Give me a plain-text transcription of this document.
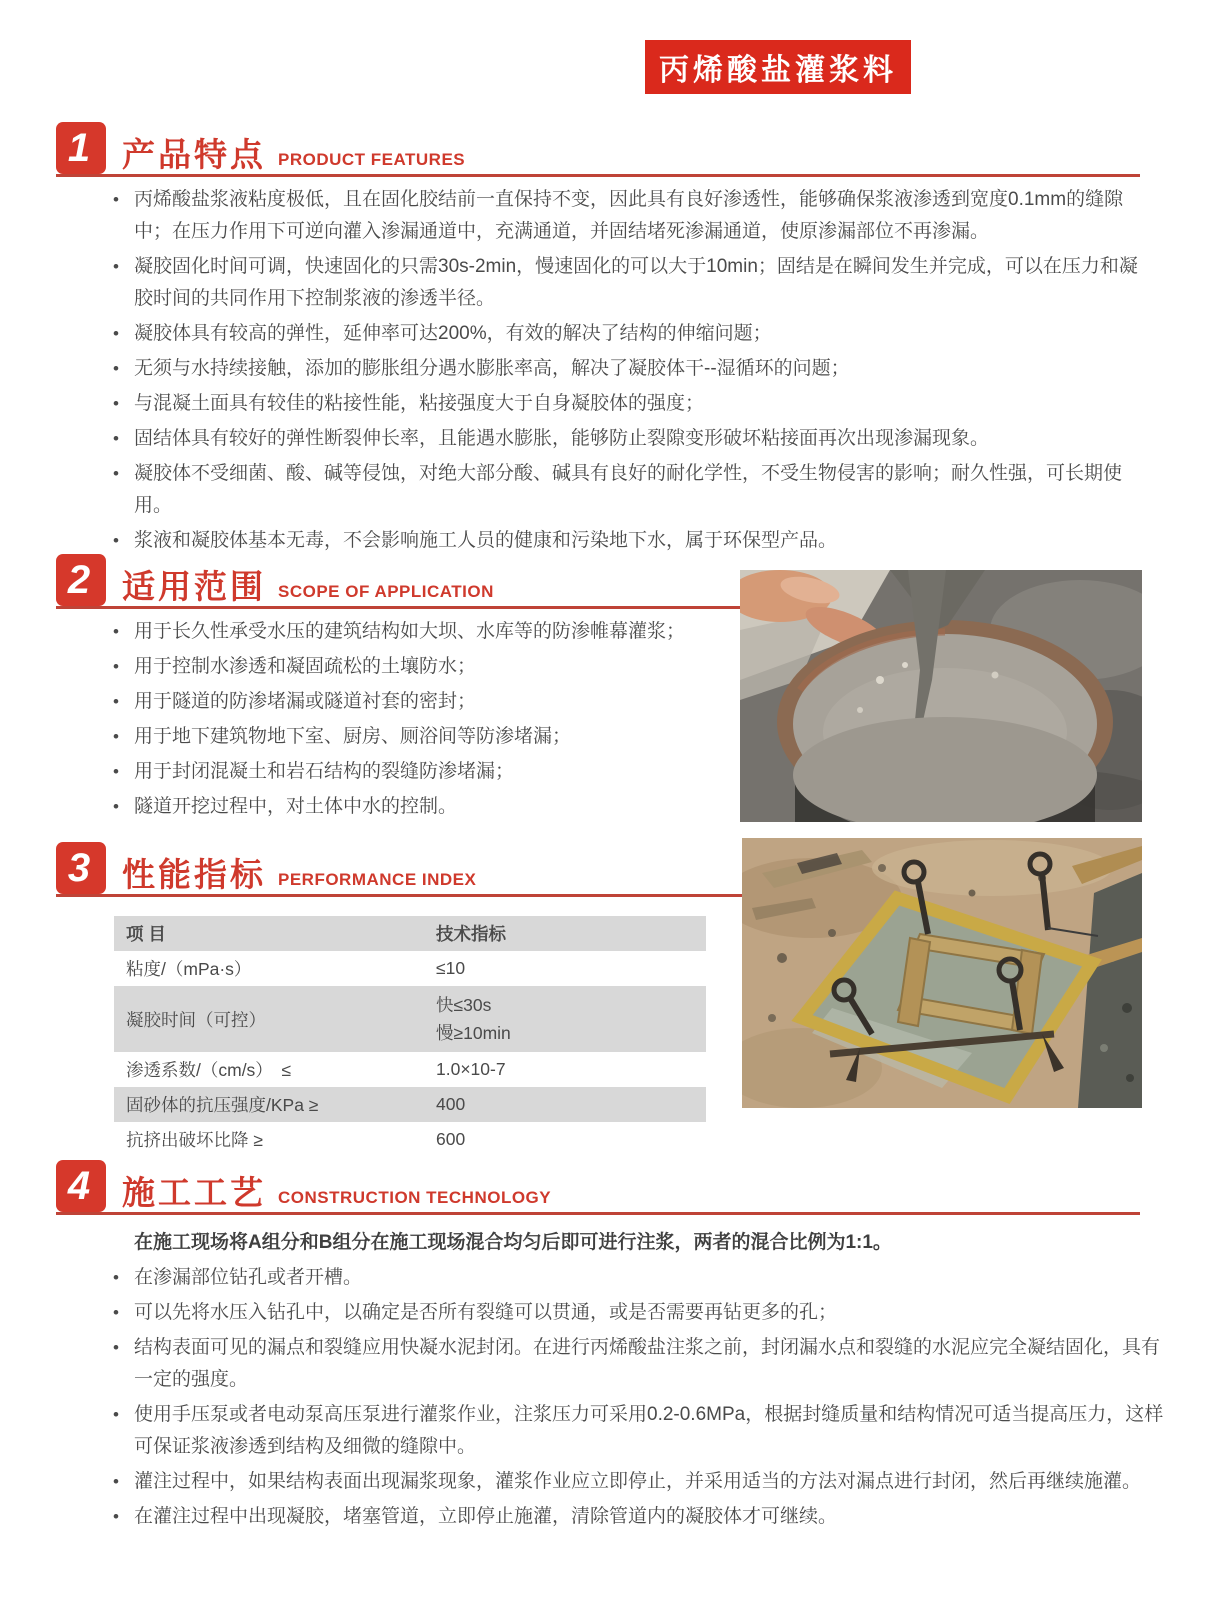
丙烯酸盐灌浆料
1 产品特点 PRODUCT FEATURES
• 丙烯酸盐浆液粘度极低，且在固化胶结前一直保持不变，因此具有良好渗透性，能够确保浆液渗透到宽度0.1mm的缝隙中；在压力作用下可逆向灌入渗漏通道中，充满通道，并固结堵死渗漏通道，使原渗漏部位不再渗漏。
• 凝胶固化时间可调，快速固化的只需30s-2min，慢速固化的可以大于10min；固结是在瞬间发生并完成，可以在压力和凝胶时间的共同作用下控制浆液的渗透半径。
• 凝胶体具有较高的弹性，延伸率可达200%，有效的解决了结构的伸缩问题；
• 无须与水持续接触，添加的膨胀组分遇水膨胀率高，解决了凝胶体干--湿循环的问题；
• 与混凝土面具有较佳的粘接性能，粘接强度大于自身凝胶体的强度；
• 固结体具有较好的弹性断裂伸长率，且能遇水膨胀，能够防止裂隙变形破坏粘接面再次出现渗漏现象。
• 凝胶体不受细菌、酸、碱等侵蚀，对绝大部分酸、碱具有良好的耐化学性，不受生物侵害的影响；耐久性强，可长期使用。
• 浆液和凝胶体基本无毒，不会影响施工人员的健康和污染地下水，属于环保型产品。
2 适用范围 SCOPE OF APPLICATION
• 用于长久性承受水压的建筑结构如大坝、水库等的防渗帷幕灌浆；
• 用于控制水渗透和凝固疏松的土壤防水；
• 用于隧道的防渗堵漏或隧道衬套的密封；
• 用于地下建筑物地下室、厨房、厕浴间等防渗堵漏；
• 用于封闭混凝土和岩石结构的裂缝防渗堵漏；
• 隧道开挖过程中，对土体中水的控制。
3 性能指标 PERFORMANCE INDEX
项 目	技术指标
粘度/（mPa·s）	≤10
凝胶时间（可控）	快≤30s
慢≥10min

渗透系数/（cm/s）　≤	1.0×10-7
固砂体的抗压强度/KPa ≥	400
抗挤出破坏比降 ≥	600
4 施工工艺 CONSTRUCTION TECHNOLOGY
在施工现场将A组分和B组分在施工现场混合均匀后即可进行注浆，两者的混合比例为1:1。
• 在渗漏部位钻孔或者开槽。
• 可以先将水压入钻孔中，以确定是否所有裂缝可以贯通，或是否需要再钻更多的孔；
• 结构表面可见的漏点和裂缝应用快凝水泥封闭。在进行丙烯酸盐注浆之前，封闭漏水点和裂缝的水泥应完全凝结固化，具有一定的强度。
• 使用手压泵或者电动泵高压泵进行灌浆作业，注浆压力可采用0.2-0.6MPa，根据封缝质量和结构情况可适当提高压力，这样可保证浆液渗透到结构及细微的缝隙中。
• 灌注过程中，如果结构表面出现漏浆现象，灌浆作业应立即停止，并采用适当的方法对漏点进行封闭，然后再继续施灌。
• 在灌注过程中出现凝胶，堵塞管道，立即停止施灌，清除管道内的凝胶体才可继续。
